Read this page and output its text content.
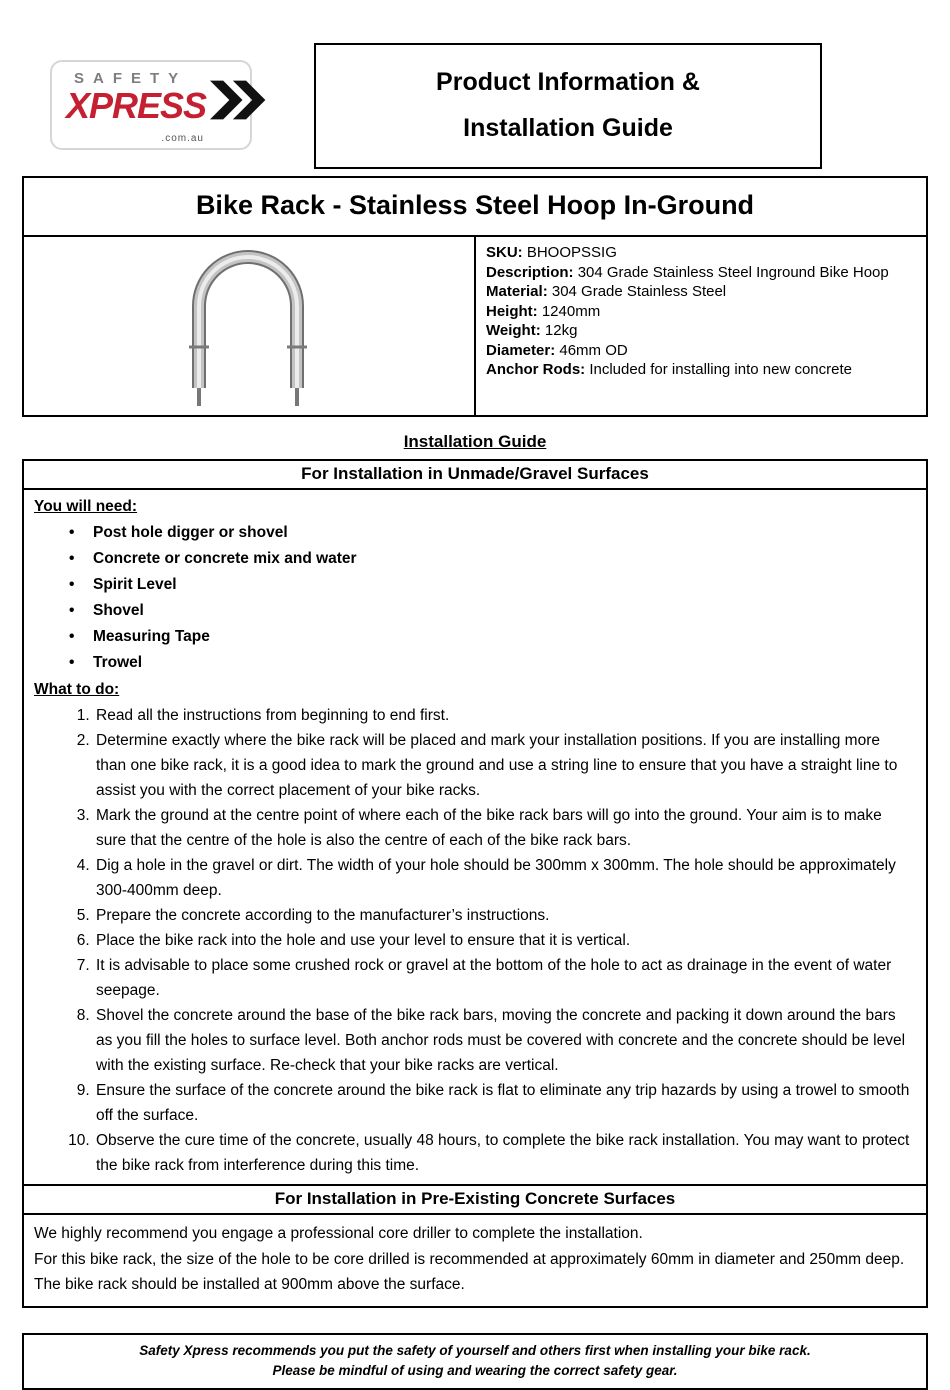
SAFETY
XPRESS
.com.au
Product Information &
Installation Guide
Bike Rack - Stainless Steel Hoop In-Ground
SKU: BHOOPSSIG
Description: 304 Grade Stainless Steel Inground Bike Hoop
Material: 304 Grade Stainless Steel
Height: 1240mm
Weight: 12kg
Diameter: 46mm OD
Anchor Rods: Included for installing into new concrete
Installation Guide
For Installation in Unmade/Gravel Surfaces
You will need:
• Post hole digger or shovel
• Concrete or concrete mix and water
• Spirit Level
• Shovel
• Measuring Tape
• Trowel
What to do:
1. Read all the instructions from beginning to end first.
2. Determine exactly where the bike rack will be placed and mark your installation positions. If you are installing more than one bike rack, it is a good idea to mark the ground and use a string line to ensure that you have a straight line to assist you with the correct placement of your bike racks.
3. Mark the ground at the centre point of where each of the bike rack bars will go into the ground. Your aim is to make sure that the centre of the hole is also the centre of each of the bike rack bars.
4. Dig a hole in the gravel or dirt. The width of your hole should be 300mm x 300mm. The hole should be approximately 300-400mm deep.
5. Prepare the concrete according to the manufacturer’s instructions.
6. Place the bike rack into the hole and use your level to ensure that it is vertical.
7. It is advisable to place some crushed rock or gravel at the bottom of the hole to act as drainage in the event of water seepage.
8. Shovel the concrete around the base of the bike rack bars, moving the concrete and packing it down around the bars as you fill the holes to surface level. Both anchor rods must be covered with concrete and the concrete should be level with the existing surface. Re-check that your bike racks are vertical.
9. Ensure the surface of the concrete around the bike rack is flat to eliminate any trip hazards by using a trowel to smooth off the surface.
10. Observe the cure time of the concrete, usually 48 hours, to complete the bike rack installation. You may want to protect the bike rack from interference during this time.
For Installation in Pre-Existing Concrete Surfaces
We highly recommend you engage a professional core driller to complete the installation.
For this bike rack, the size of the hole to be core drilled is recommended at approximately 60mm in diameter and 250mm deep. The bike rack should be installed at 900mm above the surface.
Safety Xpress recommends you put the safety of yourself and others first when installing your bike rack.
Please be mindful of using and wearing the correct safety gear.
